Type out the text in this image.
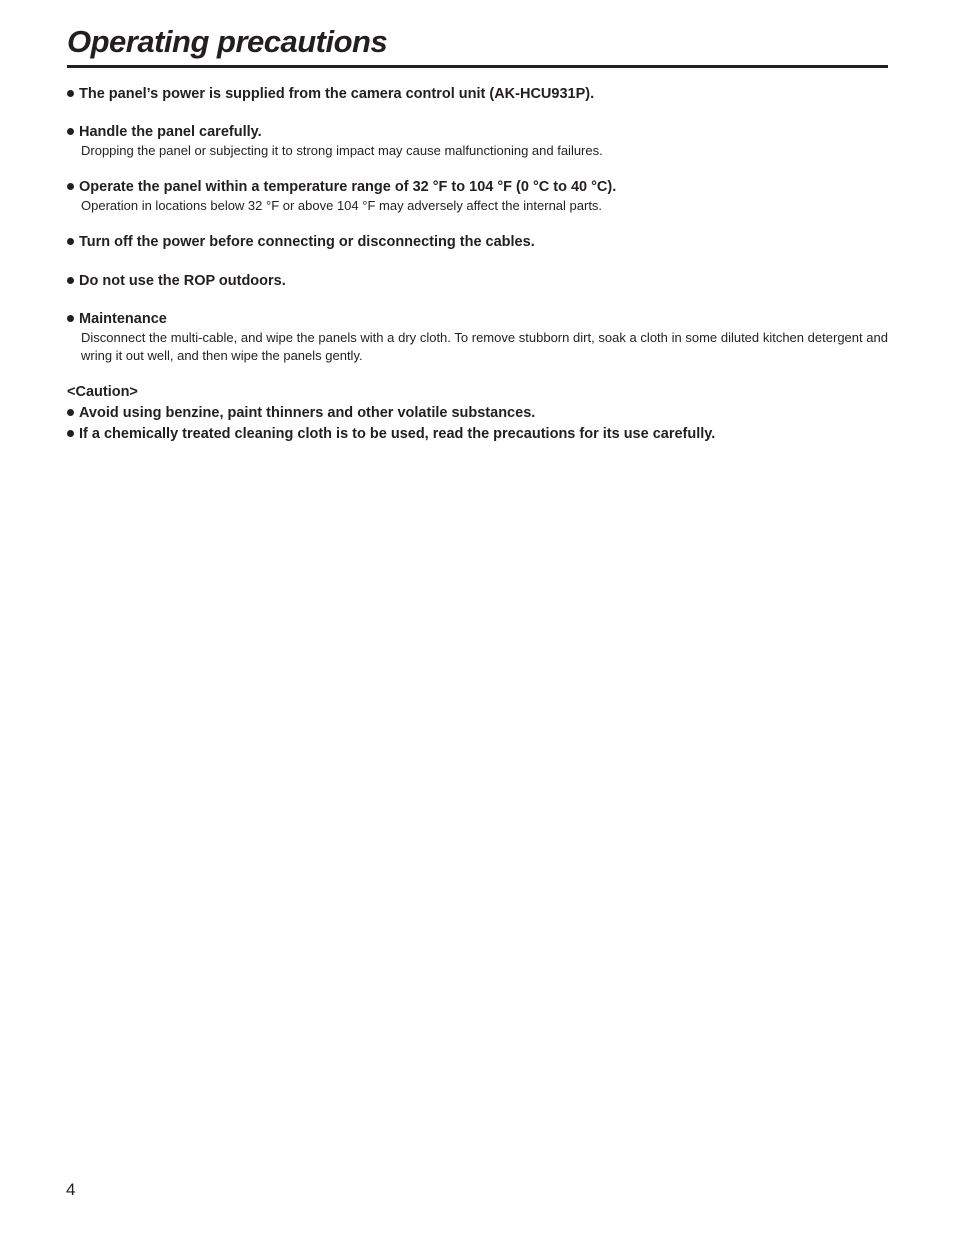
Operating precautions
The panel’s power is supplied from the camera control unit (AK-HCU931P).
Handle the panel carefully.
Dropping the panel or subjecting it to strong impact may cause malfunctioning and failures.
Operate the panel within a temperature range of 32 °F to 104 °F (0 °C to 40 °C).
Operation in locations below 32 °F or above 104 °F may adversely affect the internal parts.
Turn off the power before connecting or disconnecting the cables.
Do not use the ROP outdoors.
Maintenance
Disconnect the multi-cable, and wipe the panels with a dry cloth. To remove stubborn dirt, soak a cloth in some diluted kitchen detergent and wring it out well, and then wipe the panels gently.
<Caution>
Avoid using benzine, paint thinners and other volatile substances.
If a chemically treated cleaning cloth is to be used, read the precautions for its use carefully.
4
